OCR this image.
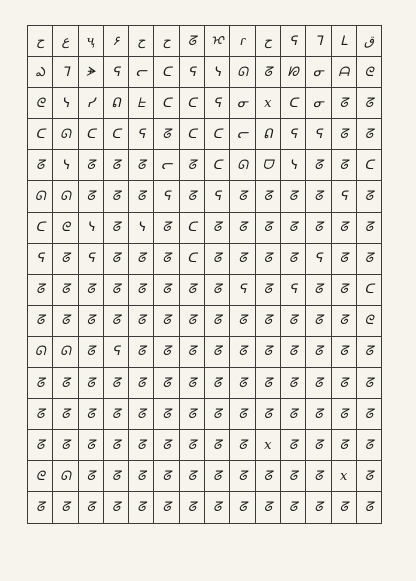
ح ع ҷ ۶ ح ح ᘔ ᢈ ɾ ح ᕋ ᒣ ᒪ ق
ఎ ᒣ ᗘ ᕋ ᓕ ᑕ ᕋ ᓭ ᘏ ᘔ ᘗ ᓂ ᗩ ᘓ
ᘓ ᓭ ᓯ ᕠ ᖶ ᑕ ᑕ ᕋ ᓂ x ᑕ ᓂ ᘔ ᘔ
ᑕ ᘏ ᑕ ᑕ ᕋ ᘔ ᑕ ᑕ ᓕ ᕠ ᕋ ᕋ ᘔ ᘔ
ᘔ ᓭ ᘔ ᘔ ᘔ ᓕ ᘔ ᑕ ᘏ ᗜ ᓭ ᘔ ᘔ ᑕ
ᘏ ᘏ ᘔ ᘔ ᘔ ᕋ ᘔ ᕋ ᘔ ᘔ ᘔ ᘔ ᕋ ᘔ
ᑕ ᘓ ᓭ ᘔ ᓭ ᘔ ᑕ ᘔ ᘔ ᘔ ᘔ ᘔ ᘔ ᘔ
ᕋ ᘔ ᕋ ᘔ ᘔ ᘔ ᑕ ᘔ ᘔ ᘔ ᘔ ᕋ ᘔ ᘔ
ᘔ ᘔ ᘔ ᘔ ᘔ ᘔ ᘔ ᘔ ᕋ ᘔ ᕋ ᘔ ᘔ ᑕ
ᘔ ᘔ ᘔ ᘔ ᘔ ᘔ ᘔ ᘔ ᘔ ᘔ ᘔ ᘔ ᘔ ᘓ
ᘏ ᘏ ᘔ ᕋ ᘔ ᘔ ᘔ ᘔ ᘔ ᘔ ᘔ ᘔ ᘔ ᘔ
ᘔ ᘔ ᘔ ᘔ ᘔ ᘔ ᘔ ᘔ ᘔ ᘔ ᘔ ᘔ ᘔ ᘔ
ᘔ ᘔ ᘔ ᘔ ᘔ ᘔ ᘔ ᘔ ᘔ ᘔ ᘔ ᘔ ᘔ ᘔ
ᘔ ᘔ ᘔ ᘔ ᘔ ᘔ ᘔ ᘔ ᘔ x ᘔ ᘔ ᘔ ᘔ
ᘓ ᘏ ᘔ ᘔ ᘔ ᘔ ᘔ ᘔ ᘔ ᘔ ᘔ ᘔ x ᘔ
ᘔ ᘔ ᘔ ᘔ ᘔ ᘔ ᘔ ᘔ ᘔ ᘔ ᘔ ᘔ ᘔ ᘔ
